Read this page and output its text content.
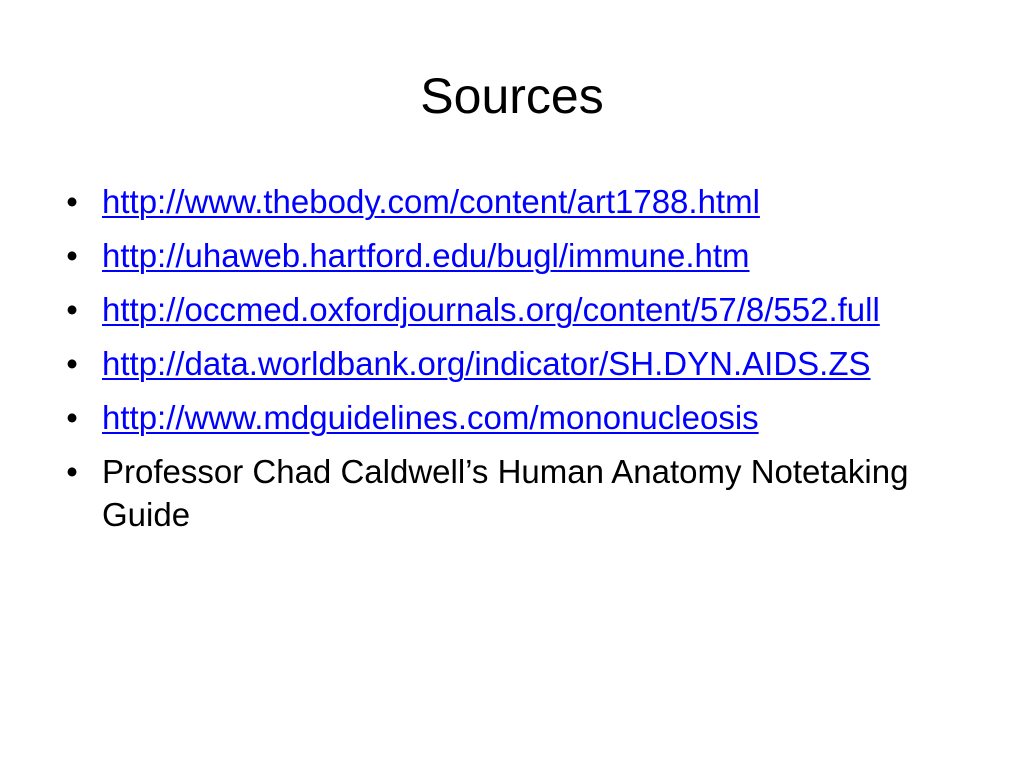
Sources
• http://www.thebody.com/content/art1788.html
• http://uhaweb.hartford.edu/bugl/immune.htm
• http://occmed.oxfordjournals.org/content/57/8/552.full
• http://data.worldbank.org/indicator/SH.DYN.AIDS.ZS
• http://www.mdguidelines.com/mononucleosis
• Professor Chad Caldwell’s Human Anatomy Notetaking Guide
